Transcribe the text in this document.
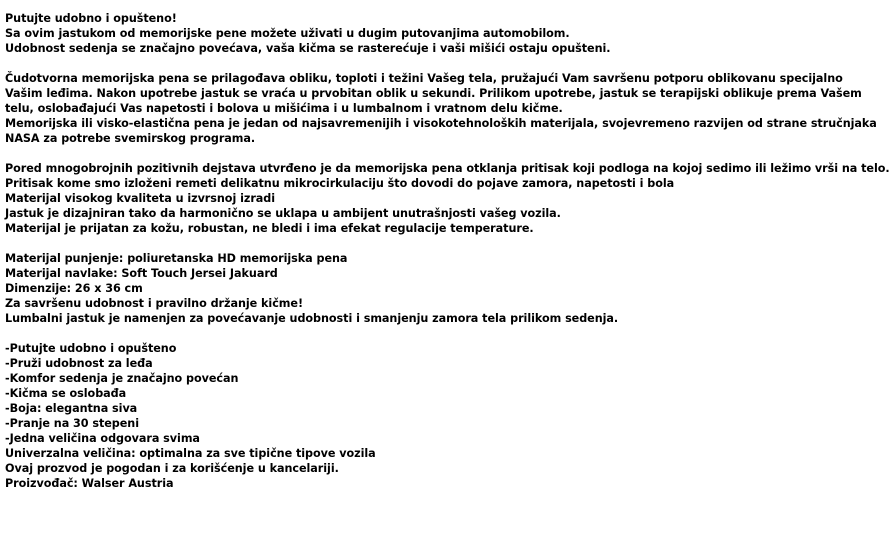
Putujte udobno i opušteno!
Sa ovim jastukom od memorijske pene možete uživati u dugim putovanjima automobilom.
Udobnost sedenja se značajno povećava, vaša kičma se rasterećuje i vaši mišići ostaju opušteni.
Čudotvorna memorijska pena se prilagođava obliku, toploti i težini Vašeg tela, pružajući Vam savršenu potporu oblikovanu specijalno
Vašim leđima. Nakon upotrebe jastuk se vraća u prvobitan oblik u sekundi. Prilikom upotrebe, jastuk se terapijski oblikuje prema Vašem
telu, oslobađajući Vas napetosti i bolova u mišićima i u lumbalnom i vratnom delu kičme.
Memorijska ili visko-elastična pena je jedan od najsavremenijih i visokotehnoloških materijala, svojevremeno razvijen od strane stručnjaka
NASA za potrebe svemirskog programa.
Pored mnogobrojnih pozitivnih dejstava utvrđeno je da memorijska pena otklanja pritisak koji podloga na kojoj sedimo ili ležimo vrši na telo.
Pritisak kome smo izloženi remeti delikatnu mikrocirkulaciju što dovodi do pojave zamora, napetosti i bola
Materijal visokog kvaliteta u izvrsnoj izradi
Jastuk je dizajniran tako da harmonično se uklapa u ambijent unutrašnjosti vašeg vozila.
Materijal je prijatan za kožu, robustan, ne bledi i ima efekat regulacije temperature.
Materijal punjenje: poliuretanska HD memorijska pena
Materijal navlake: Soft Touch Jersei Jakuard
Dimenzije: 26 x 36 cm
Za savršenu udobnost i pravilno držanje kičme!
Lumbalni jastuk je namenjen za povećavanje udobnosti i smanjenju zamora tela prilikom sedenja.
-Putujte udobno i opušteno
-Pruži udobnost za leđa
-Komfor sedenja je značajno povećan
-Kičma se oslobađa
-Boja: elegantna siva
-Pranje na 30 stepeni
-Jedna veličina odgovara svima
Univerzalna veličina: optimalna za sve tipične tipove vozila
Ovaj prozvod je pogodan i za korišćenje u kancelariji.
Proizvođač: Walser Austria
